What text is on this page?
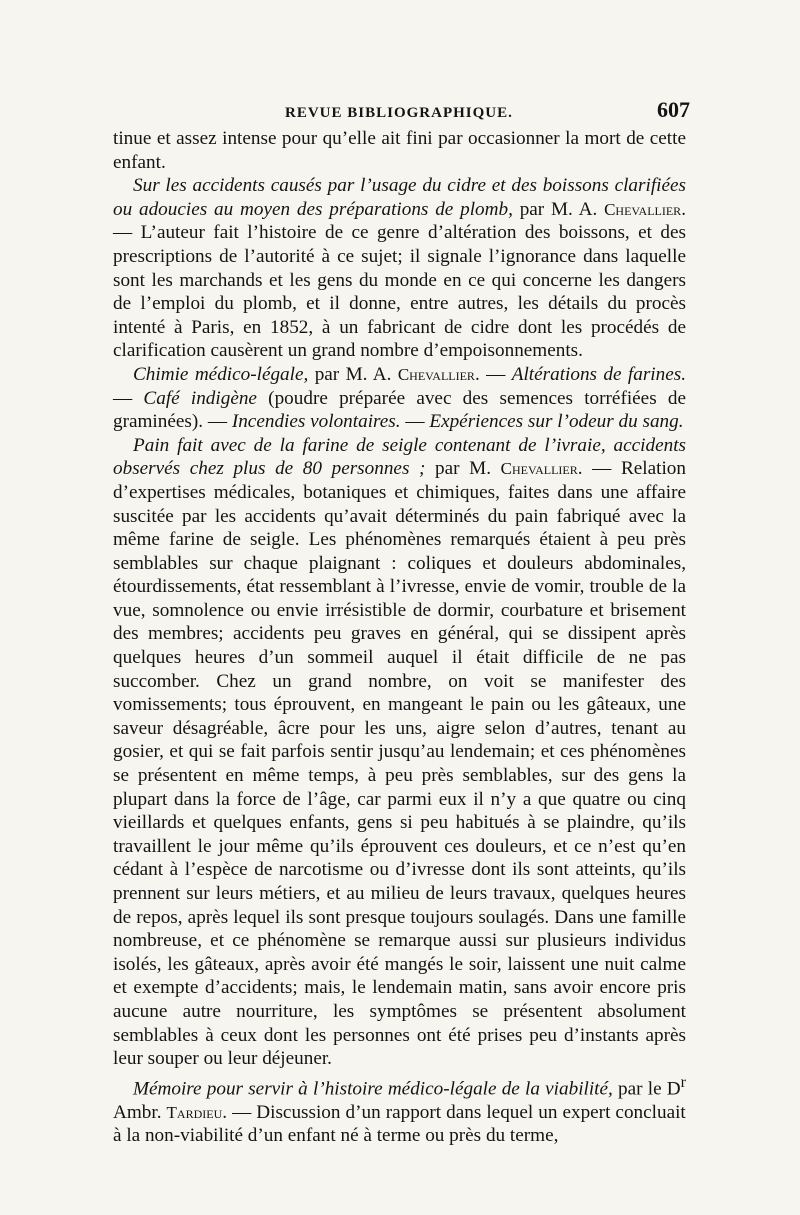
REVUE BIBLIOGRAPHIQUE.	607

tinue et assez intense pour qu’elle ait fini par occasionner la mort de cette enfant.

Sur les accidents causés par l’usage du cidre et des boissons clarifiées ou adoucies au moyen des préparations de plomb, par M. A. Chevallier. — L’auteur fait l’histoire de ce genre d’altération des boissons, et des prescriptions de l’autorité à ce sujet; il signale l’ignorance dans laquelle sont les marchands et les gens du monde en ce qui concerne les dangers de l’emploi du plomb, et il donne, entre autres, les détails du procès intenté à Paris, en 1852, à un fabricant de cidre dont les procédés de clarification causèrent un grand nombre d’empoisonnements.

Chimie médico-légale, par M. A. Chevallier. — Altérations de farines. — Café indigène (poudre préparée avec des semences torréfiées de graminées). — Incendies volontaires. — Expériences sur l’odeur du sang.

Pain fait avec de la farine de seigle contenant de l’ivraie, accidents observés chez plus de 80 personnes ; par M. Chevallier. — Relation d’expertises médicales, botaniques et chimiques, faites dans une affaire suscitée par les accidents qu’avait déterminés du pain fabriqué avec la même farine de seigle. Les phénomènes remarqués étaient à peu près semblables sur chaque plaignant : coliques et douleurs abdominales, étourdissements, état ressemblant à l’ivresse, envie de vomir, trouble de la vue, somnolence ou envie irrésistible de dormir, courbature et brisement des membres; accidents peu graves en général, qui se dissipent après quelques heures d’un sommeil auquel il était difficile de ne pas succomber. Chez un grand nombre, on voit se manifester des vomissements; tous éprouvent, en mangeant le pain ou les gâteaux, une saveur désagréable, âcre pour les uns, aigre selon d’autres, tenant au gosier, et qui se fait parfois sentir jusqu’au lendemain; et ces phénomènes se présentent en même temps, à peu près semblables, sur des gens la plupart dans la force de l’âge, car parmi eux il n’y a que quatre ou cinq vieillards et quelques enfants, gens si peu habitués à se plaindre, qu’ils travaillent le jour même qu’ils éprouvent ces douleurs, et ce n’est qu’en cédant à l’espèce de narcotisme ou d’ivresse dont ils sont atteints, qu’ils prennent sur leurs métiers, et au milieu de leurs travaux, quelques heures de repos, après lequel ils sont presque toujours soulagés. Dans une famille nombreuse, et ce phénomène se remarque aussi sur plusieurs individus isolés, les gâteaux, après avoir été mangés le soir, laissent une nuit calme et exempte d’accidents; mais, le lendemain matin, sans avoir encore pris aucune autre nourriture, les symptômes se présentent absolument semblables à ceux dont les personnes ont été prises peu d’instants après leur souper ou leur déjeuner.

Mémoire pour servir à l’histoire médico-légale de la viabilité, par le $D^r$ Ambr. Tardieu. — Discussion d’un rapport dans lequel un expert concluait à la non-viabilité d’un enfant né à terme ou près du terme,
